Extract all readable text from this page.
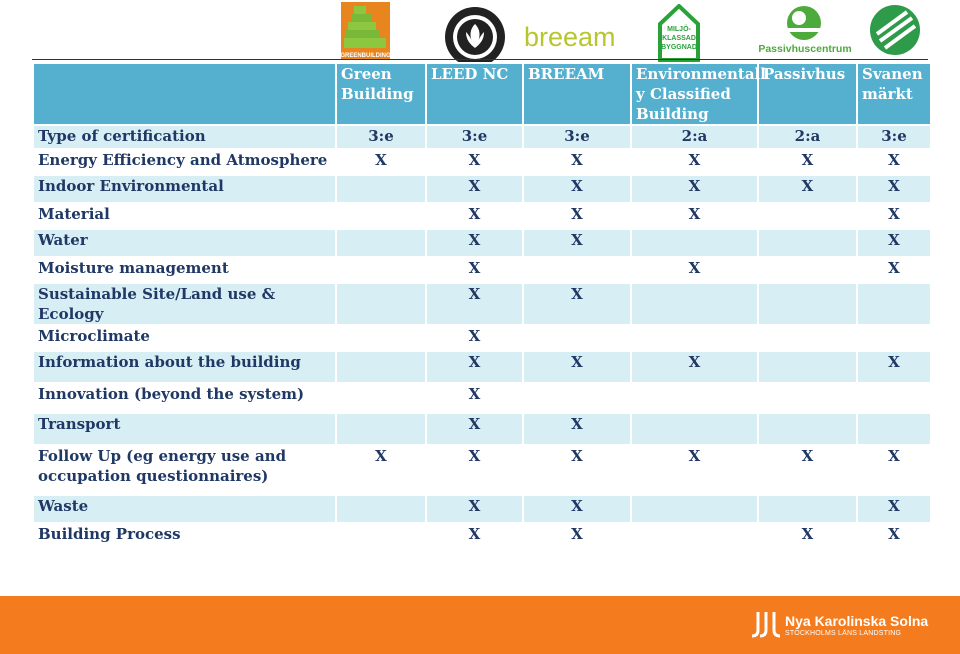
GREENBUILDING
breeam	MILJÖ-
KLASSAD
BYGGNAD	Passivhuscentrum
	Green Building	LEED NC	BREEAM	Environmentall y Classified Building	Passivhus	Svanen märkt
Type of certification	3:e	3:e	3:e	2:a	2:a	3:e
Energy Efficiency and Atmosphere	X	X	X	X	X	X
Indoor Environmental		X	X	X	X	X
Material		X	X	X		X
Water		X	X			X
Moisture management		X		X		X
Sustainable Site/Land use & Ecology		X	X			
Microclimate		X				
Information about the building		X	X	X		X
Innovation (beyond the system)		X				
Transport		X	X			
Follow Up (eg energy use and occupation questionnaires)	X	X	X	X	X	X
Waste		X	X			X
Building Process		X	X		X	X
Nya Karolinska Solna
STOCKHOLMS LÄNS LANDSTING
